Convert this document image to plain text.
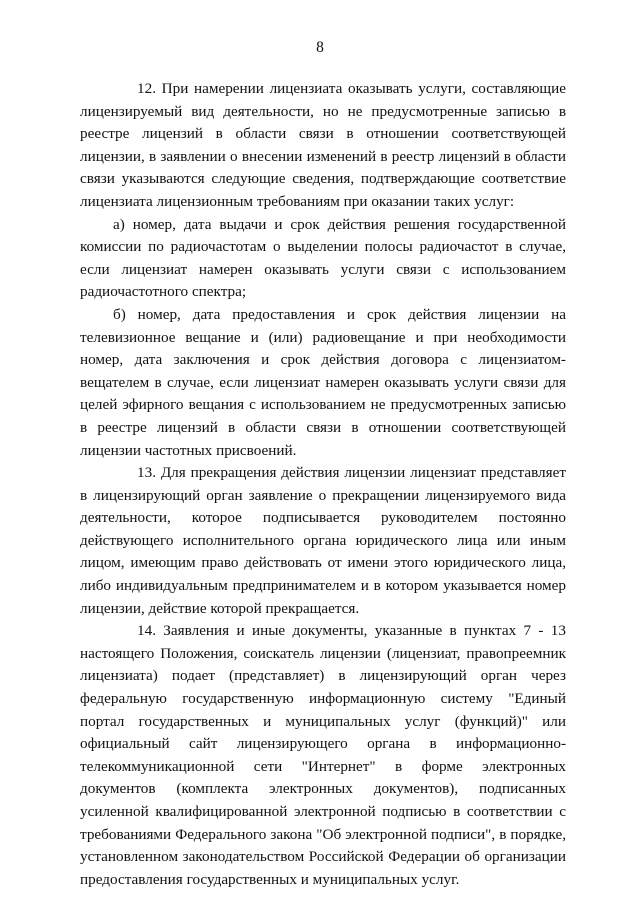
8

12. При намерении лицензиата оказывать услуги, составляющие лицензируемый вид деятельности, но не предусмотренные записью в реестре лицензий в области связи в отношении соответствующей лицензии, в заявлении о внесении изменений в реестр лицензий в области связи указываются следующие сведения, подтверждающие соответствие лицензиата лицензионным требованиям при оказании таких услуг:

а) номер, дата выдачи и срок действия решения государственной комиссии по радиочастотам о выделении полосы радиочастот в случае, если лицензиат намерен оказывать услуги связи с использованием радиочастотного спектра;

б) номер, дата предоставления и срок действия лицензии на телевизионное вещание и (или) радиовещание и при необходимости номер, дата заключения и срок действия договора с лицензиатом-вещателем в случае, если лицензиат намерен оказывать услуги связи для целей эфирного вещания с использованием не предусмотренных записью в реестре лицензий в области связи в отношении соответствующей лицензии частотных присвоений.

13. Для прекращения действия лицензии лицензиат представляет в лицензирующий орган заявление о прекращении лицензируемого вида деятельности, которое подписывается руководителем постоянно действующего исполнительного органа юридического лица или иным лицом, имеющим право действовать от имени этого юридического лица, либо индивидуальным предпринимателем и в котором указывается номер лицензии, действие которой прекращается.

14. Заявления и иные документы, указанные в пунктах 7 - 13 настоящего Положения, соискатель лицензии (лицензиат, правопреемник лицензиата) подает (представляет) в лицензирующий орган через федеральную государственную информационную систему "Единый портал государственных и муниципальных услуг (функций)" или официальный сайт лицензирующего органа в информационно-телекоммуникационной сети "Интернет" в форме электронных документов (комплекта электронных документов), подписанных усиленной квалифицированной электронной подписью в соответствии с требованиями Федерального закона "Об электронной подписи", в порядке, установленном законодательством Российской Федерации об организации предоставления государственных и муниципальных услуг.
